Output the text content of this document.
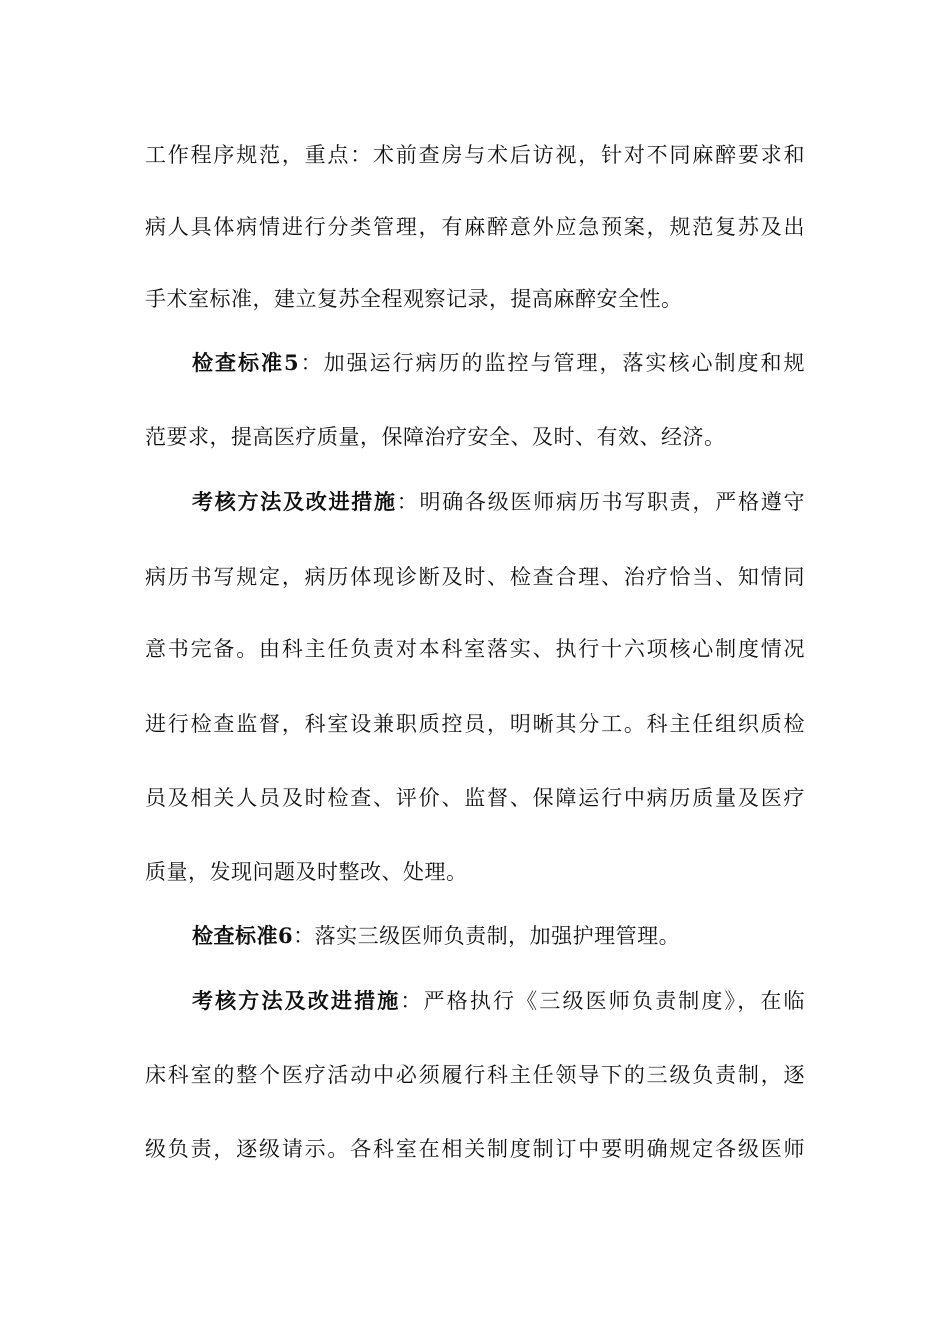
工作程序规范，重点：术前查房与术后访视，针对不同麻醉要求和
病人具体病情进行分类管理，有麻醉意外应急预案，规范复苏及出
手术室标准，建立复苏全程观察记录，提高麻醉安全性。
检查标准5：加强运行病历的监控与管理，落实核心制度和规
范要求，提高医疗质量，保障治疗安全、及时、有效、经济。
考核方法及改进措施：明确各级医师病历书写职责，严格遵守
病历书写规定，病历体现诊断及时、检查合理、治疗恰当、知情同
意书完备。由科主任负责对本科室落实、执行十六项核心制度情况
进行检查监督，科室设兼职质控员，明晰其分工。科主任组织质检
员及相关人员及时检查、评价、监督、保障运行中病历质量及医疗
质量，发现问题及时整改、处理。
检查标准6：落实三级医师负责制，加强护理管理。
考核方法及改进措施：严格执行《三级医师负责制度》，在临
床科室的整个医疗活动中必须履行科主任领导下的三级负责制，逐
级负责，逐级请示。各科室在相关制度制订中要明确规定各级医师
